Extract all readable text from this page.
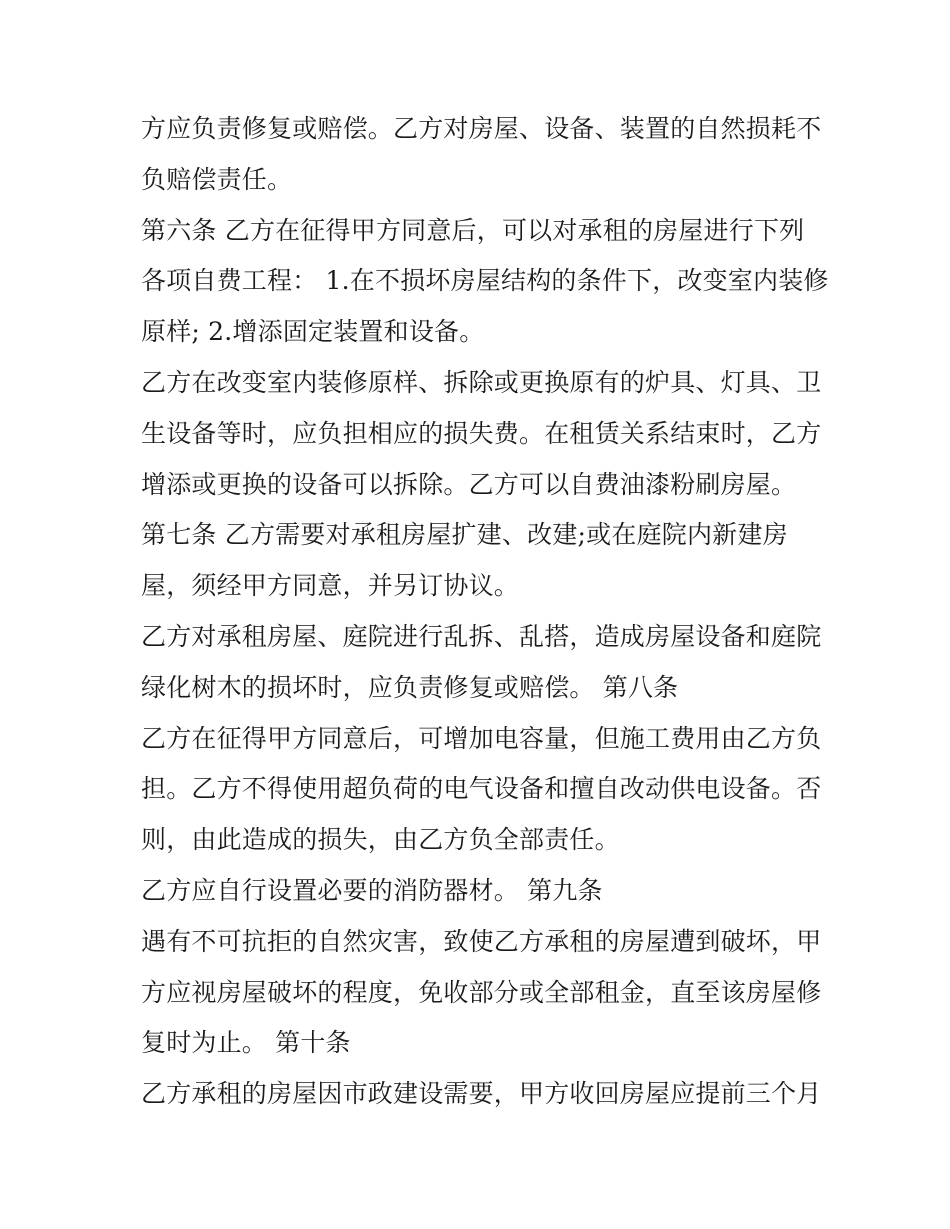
方应负责修复或赔偿。乙方对房屋、设备、装置的自然损耗不
负赔偿责任。
第六条 乙方在征得甲方同意后，可以对承租的房屋进行下列
各项自费工程： 1.在不损坏房屋结构的条件下，改变室内装修
原样; 2.增添固定装置和设备。
乙方在改变室内装修原样、拆除或更换原有的炉具、灯具、卫
生设备等时，应负担相应的损失费。在租赁关系结束时，乙方
增添或更换的设备可以拆除。乙方可以自费油漆粉刷房屋。
第七条 乙方需要对承租房屋扩建、改建;或在庭院内新建房
屋，须经甲方同意，并另订协议。
乙方对承租房屋、庭院进行乱拆、乱搭，造成房屋设备和庭院
绿化树木的损坏时，应负责修复或赔偿。 第八条
乙方在征得甲方同意后，可增加电容量，但施工费用由乙方负
担。乙方不得使用超负荷的电气设备和擅自改动供电设备。否
则，由此造成的损失，由乙方负全部责任。
乙方应自行设置必要的消防器材。 第九条
遇有不可抗拒的自然灾害，致使乙方承租的房屋遭到破坏，甲
方应视房屋破坏的程度，免收部分或全部租金，直至该房屋修
复时为止。 第十条
乙方承租的房屋因市政建设需要，甲方收回房屋应提前三个月
